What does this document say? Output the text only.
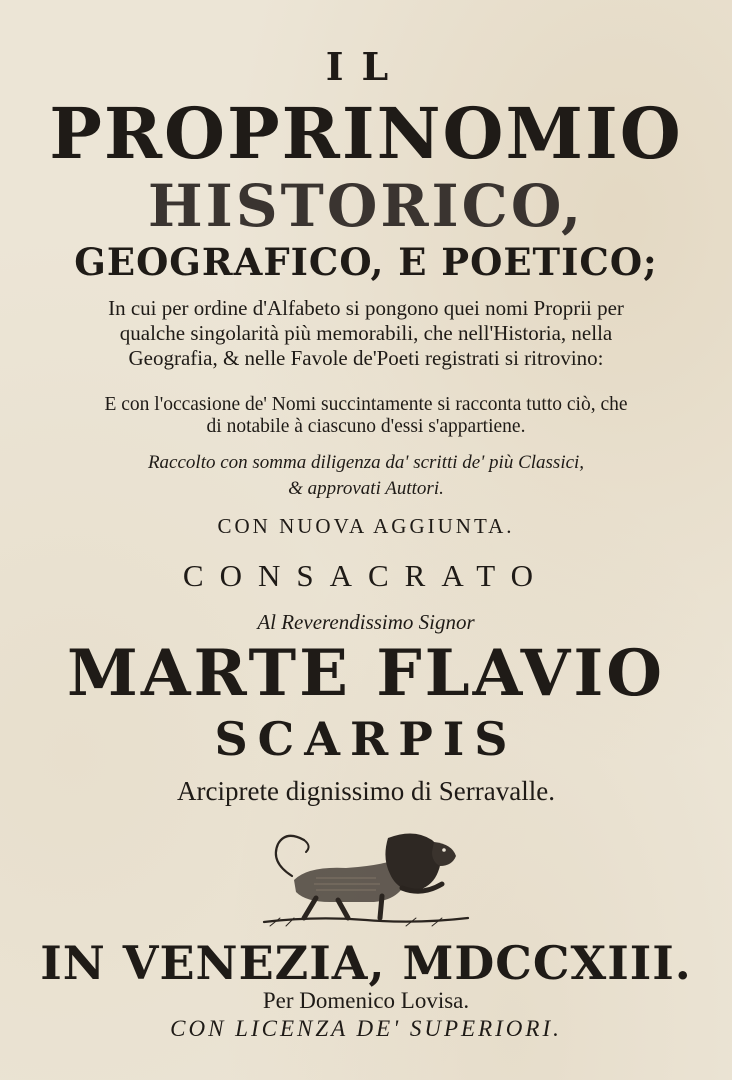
IL
PROPRINOMIO
HISTORICO,
GEOGRAFICO, E POETICO;
In cui per ordine d'Alfabeto si pongono quei nomi Proprii per
qualche singolarità più memorabili, che nell'Historia, nella
Geografia, & nelle Favole de'Poeti registrati si ritrovino:
E con l'occasione de' Nomi succintamente si racconta tutto ciò, che
di notabile à ciascuno d'essi s'appartiene.
Raccolto con somma diligenza da' scritti de' più Classici,
& approvati Auttori.
CON NUOVA AGGIUNTA.
CONSACRATO
Al Reverendissimo Signor
MARTE FLAVIO
SCARPIS
Arciprete dignissimo di Serravalle.
IN VENEZIA, MDCCXIII.
Per Domenico Lovisa.
CON LICENZA DE' SUPERIORI.
